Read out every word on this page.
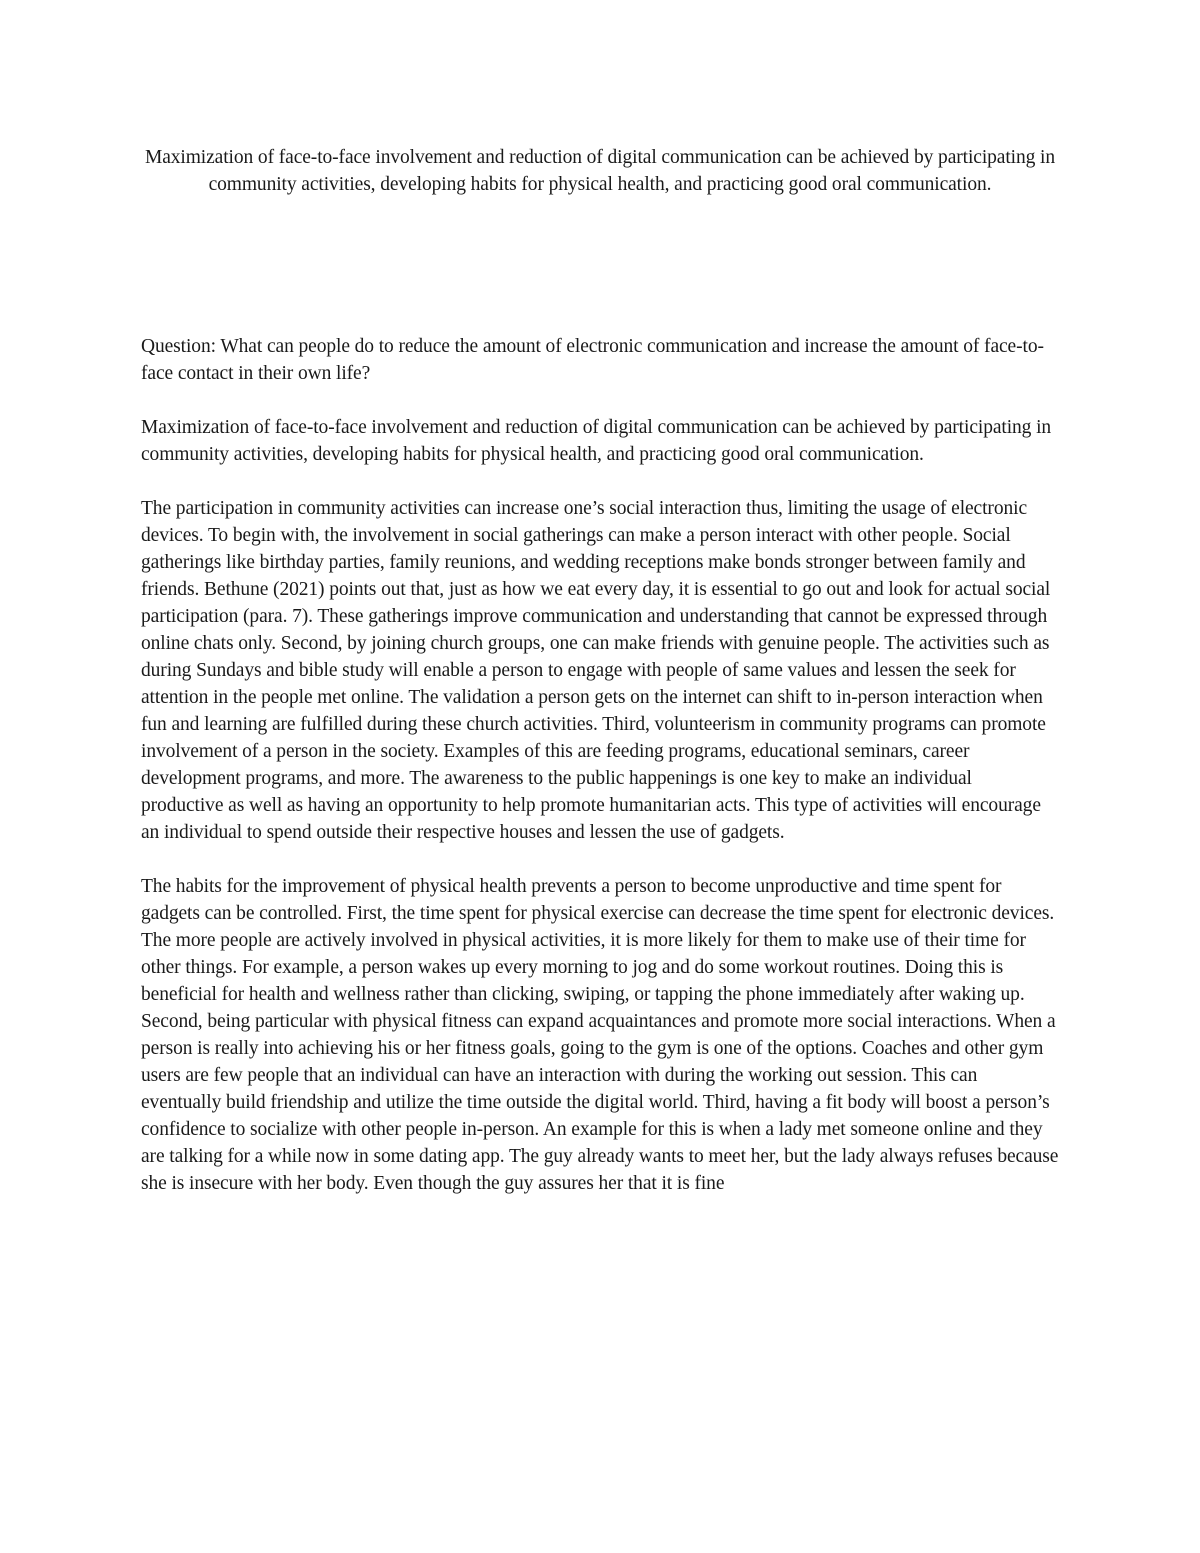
Maximization of face-to-face involvement and reduction of digital communication can be achieved by participating in community activities, developing habits for physical health, and practicing good oral communication.

Question: What can people do to reduce the amount of electronic communication and increase the amount of face-to-face contact in their own life?

Maximization of face-to-face involvement and reduction of digital communication can be achieved by participating in community activities, developing habits for physical health, and practicing good oral communication.

The participation in community activities can increase one’s social interaction thus, limiting the usage of electronic devices. To begin with, the involvement in social gatherings can make a person interact with other people. Social gatherings like birthday parties, family reunions, and wedding receptions make bonds stronger between family and friends. Bethune (2021) points out that, just as how we eat every day, it is essential to go out and look for actual social participation (para. 7). These gatherings improve communication and understanding that cannot be expressed through online chats only. Second, by joining church groups, one can make friends with genuine people. The activities such as during Sundays and bible study will enable a person to engage with people of same values and lessen the seek for attention in the people met online. The validation a person gets on the internet can shift to in-person interaction when fun and learning are fulfilled during these church activities. Third, volunteerism in community programs can promote involvement of a person in the society. Examples of this are feeding programs, educational seminars, career development programs, and more. The awareness to the public happenings is one key to make an individual productive as well as having an opportunity to help promote humanitarian acts. This type of activities will encourage an individual to spend outside their respective houses and lessen the use of gadgets.

The habits for the improvement of physical health prevents a person to become unproductive and time spent for gadgets can be controlled. First, the time spent for physical exercise can decrease the time spent for electronic devices. The more people are actively involved in physical activities, it is more likely for them to make use of their time for other things. For example, a person wakes up every morning to jog and do some workout routines. Doing this is beneficial for health and wellness rather than clicking, swiping, or tapping the phone immediately after waking up. Second, being particular with physical fitness can expand acquaintances and promote more social interactions. When a person is really into achieving his or her fitness goals, going to the gym is one of the options. Coaches and other gym users are few people that an individual can have an interaction with during the working out session. This can eventually build friendship and utilize the time outside the digital world. Third, having a fit body will boost a person’s confidence to socialize with other people in-person. An example for this is when a lady met someone online and they are talking for a while now in some dating app. The guy already wants to meet her, but the lady always refuses because she is insecure with her body. Even though the guy assures her that it is fine
